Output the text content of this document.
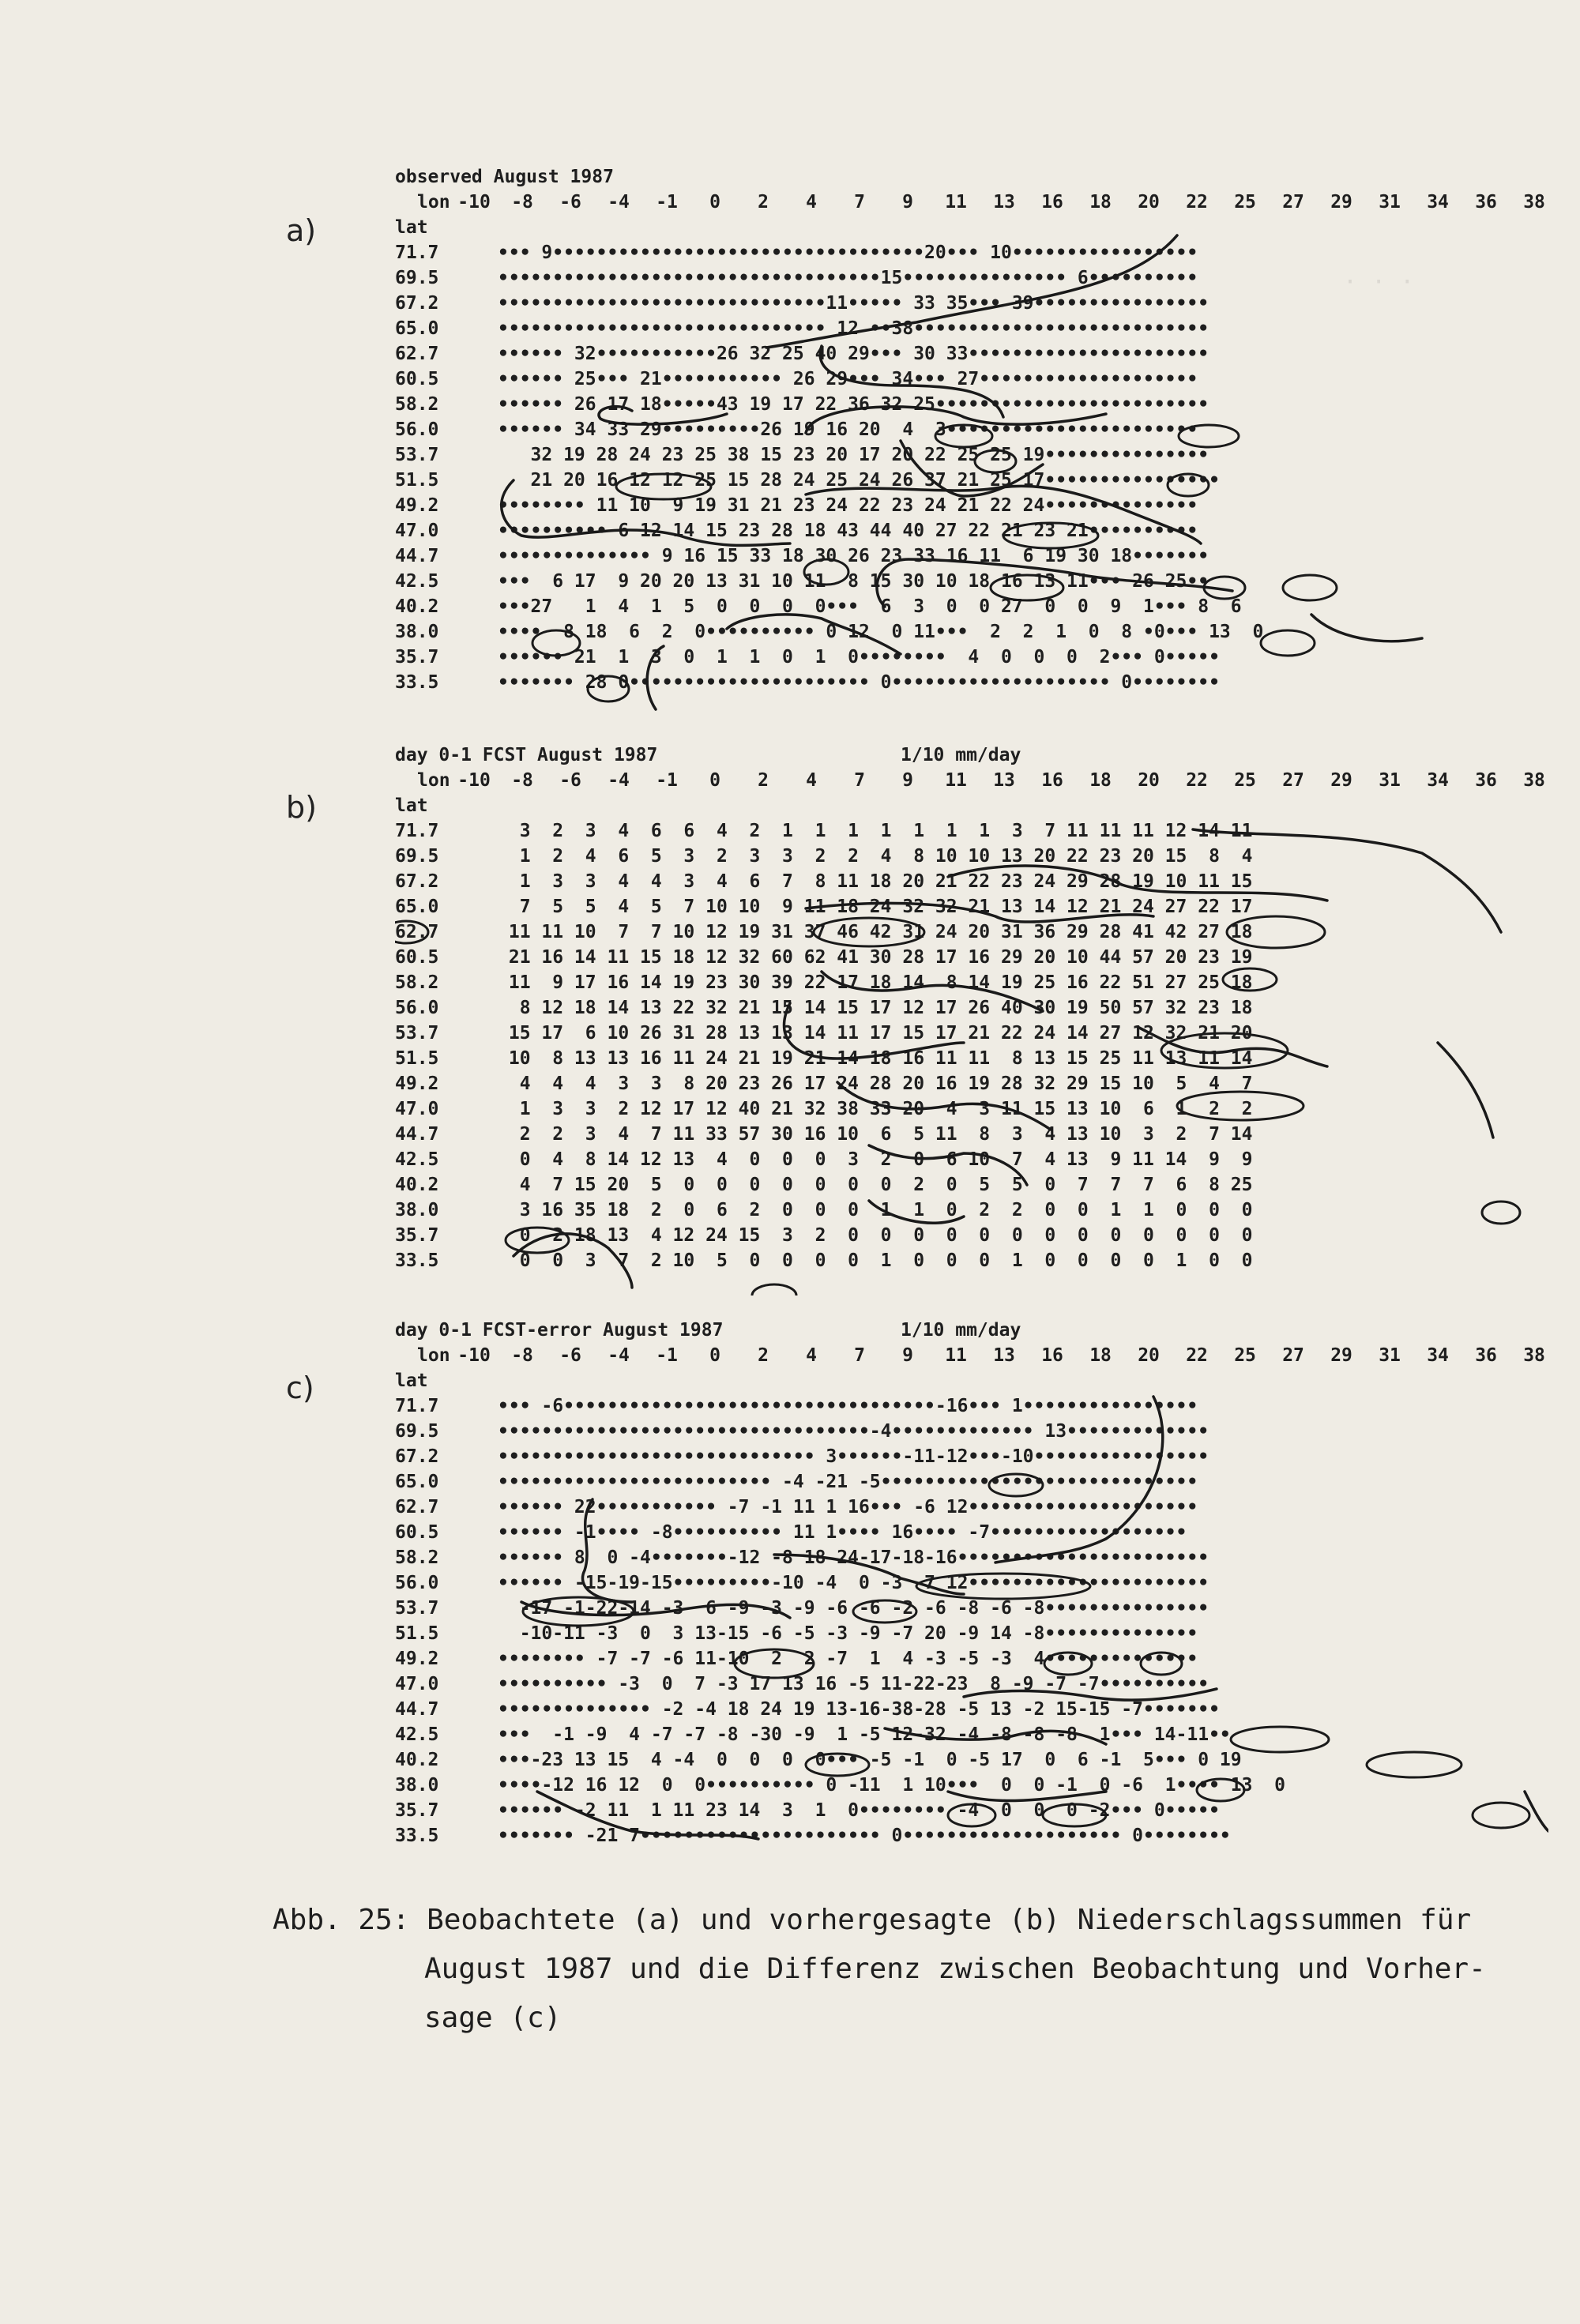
· · ·
a)
observed August 1987
lon -10	-8	-6	-4	-1	0	2	4	7	9	11	13	16	18	20	22	25	27	29	31	34	36	38
lat
71.7	••• 9••••••••••••••••••••••••••••••••••20••• 10•••••••••••••••••
69.5	•••••••••••••••••••••••••••••••••••15••••••••••••••• 6••••••••••
67.2	••••••••••••••••••••••••••••••11••••• 33 35••• 39••••••••••••••••
65.0	•••••••••••••••••••••••••••••• 12 ••38•••••••••••••••••••••••••••
62.7	•••••• 32•••••••••••26 32 25 40 29••• 30 33••••••••••••••••••••••
60.5	•••••• 25••• 21••••••••••• 26 29••• 34••• 27••••••••••••••••••••
58.2	•••••• 26 17 18•••••43 19 17 22 36 32 25•••••••••••••••••••••••••
56.0	•••••• 34 33 29•••••••••26 19 16 20  4  3•••••••••••••••••••••••
53.7	32 19 28 24 23 25 38 15 23 20 17 20 22 25 25 19•••••••••••••••
51.5	21 20 16 12 12 25 15 28 24 25 24 26 37 21 25 17••••••••••••••••
49.2	•••••••• 11 10  9 19 31 21 23 24 22 23 24 21 22 24••••••••••••••
47.0	•••••••••• 6 12 14 15 23 28 18 43 44 40 27 22 21 23 21••••••••••
44.7	•••••••••••••• 9 16 15 33 18 30 26 23 33 16 11  6 19 30 18•••••••
42.5	•••  6 17  9 20 20 13 31 10 11  8 15 30 10 18 16 13 11••• 26 25••
40.2	•••27   1  4  1  5  0  0  0  0•••  6  3  0  0 27  0  0  9  1••• 8  6
38.0	••••  8 18  6  2  0•••••••••• 0 12  0 11•••  2  2  1  0  8 •0••• 13  0
35.7	•••••• 21  1  3  0  1  1  0  1  0••••••••  4  0  0  0  2••• 0•••••
33.5	••••••• 28 0•••••••••••••••••••••• 0•••••••••••••••••••• 0••••••••
b)
day 0-1 FCST August 1987	1/10 mm/day
lon -10	-8	-6	-4	-1	0	2	4	7	9	11	13	16	18	20	22	25	27	29	31	34	36	38
lat
71.7	3  2  3  4  6  6  4  2  1  1  1  1  1  1  1  3  7 11 11 11 12 14 11
69.5	1  2  4  6  5  3  2  3  3  2  2  4  8 10 10 13 20 22 23 20 15  8  4
67.2	1  3  3  4  4  3  4  6  7  8 11 18 20 21 22 23 24 29 28 19 10 11 15
65.0	7  5  5  4  5  7 10 10  9 11 18 24 32 32 21 13 14 12 21 24 27 22 17
62.7	11 11 10  7  7 10 12 19 31 37 46 42 31 24 20 31 36 29 28 41 42 27 18
60.5	21 16 14 11 15 18 12 32 60 62 41 30 28 17 16 29 20 10 44 57 20 23 19
58.2	11  9 17 16 14 19 23 30 39 22 17 18 14  8 14 19 25 16 22 51 27 25 18
56.0	8 12 18 14 13 22 32 21 15 14 15 17 12 17 26 40 30 19 50 57 32 23 18
53.7	15 17  6 10 26 31 28 13 13 14 11 17 15 17 21 22 24 14 27 12 32 21 20
51.5	10  8 13 13 16 11 24 21 19 21 14 18 16 11 11  8 13 15 25 11 13 11 14
49.2	4  4  4  3  3  8 20 23 26 17 24 28 20 16 19 28 32 29 15 10  5  4  7
47.0	1  3  3  2 12 17 12 40 21 32 38 33 20  4  3 11 15 13 10  6  1  2  2
44.7	2  2  3  4  7 11 33 57 30 16 10  6  5 11  8  3  4 13 10  3  2  7 14
42.5	0  4  8 14 12 13  4  0  0  0  3  2  0  6 10  7  4 13  9 11 14  9  9
40.2	4  7 15 20  5  0  0  0  0  0  0  0  2  0  5  5  0  7  7  7  6  8 25
38.0	3 16 35 18  2  0  6  2  0  0  0  1  1  0  2  2  0  0  1  1  0  0  0
35.7	0  2 18 13  4 12 24 15  3  2  0  0  0  0  0  0  0  0  0  0  0  0  0
33.5	0  0  3  7  2 10  5  0  0  0  0  1  0  0  0  1  0  0  0  0  1  0  0
c)
day 0-1 FCST-error August 1987	1/10 mm/day
lon -10	-8	-6	-4	-1	0	2	4	7	9	11	13	16	18	20	22	25	27	29	31	34	36	38
lat
71.7	••• -6••••••••••••••••••••••••••••••••••-16••• 1••••••••••••••••
69.5	••••••••••••••••••••••••••••••••••-4••••••••••••• 13•••••••••••••
67.2	••••••••••••••••••••••••••••• 3••••••-11-12•••-10••••••••••••••••
65.0	••••••••••••••••••••••••• -4 -21 -5•••••••••••••••••••••••••••••
62.7	•••••• 22••••••••••• -7 -1 11 1 16••• -6 12•••••••••••••••••••••
60.5	•••••• -1•••• -8•••••••••• 11 1•••• 16•••• -7••••••••••••••••••
58.2	•••••• 8  0 -4•••••••-12 -8 18 24-17-18-16•••••••••••••••••••••••
56.0	•••••• -15-19-15•••••••••-10 -4  0 -3  7 12••••••••••••••••••••••
53.7	-17 -1-22-14 -3  6 -9 -3 -9 -6 -6 -2 -6 -8 -6 -8•••••••••••••••
51.5	-10-11 -3  0  3 13-15 -6 -5 -3 -9 -7 20 -9 14 -8••••••••••••••
49.2	•••••••• -7 -7 -6 11-10  2  2 -7  1  4 -3 -5 -3  4••••••••••••••
47.0	•••••••••• -3  0  7 -3 17 13 16 -5 11-22-23  8 -9 -7 -7••••••••••
44.7	•••••••••••••• -2 -4 18 24 19 13-16-38-28 -5 13 -2 15-15 -7•••••••
42.5	•••  -1 -9  4 -7 -7 -8 -30 -9  1 -5 12-32 -4 -8 -8 -8  1••• 14-11••
40.2	•••-23 13 15  4 -4  0  0  0  0••• -5 -1  0 -5 17  0  6 -1  5••• 0 19
38.0	••••-12 16 12  0  0•••••••••• 0 -11  1 10•••  0  0 -1  0 -6  1•••• 13  0
35.7	•••••• -2 11  1 11 23 14  3  1  0•••••••• -4  0  0  0 -2••• 0•••••
33.5	••••••• -21 7•••••••••••••••••••••• 0•••••••••••••••••••• 0••••••••
Abb. 25: Beobachtete (a) und vorhergesagte (b) Niederschlagssummen für
August 1987 und die Differenz zwischen Beobachtung und Vorher-
sage (c)
